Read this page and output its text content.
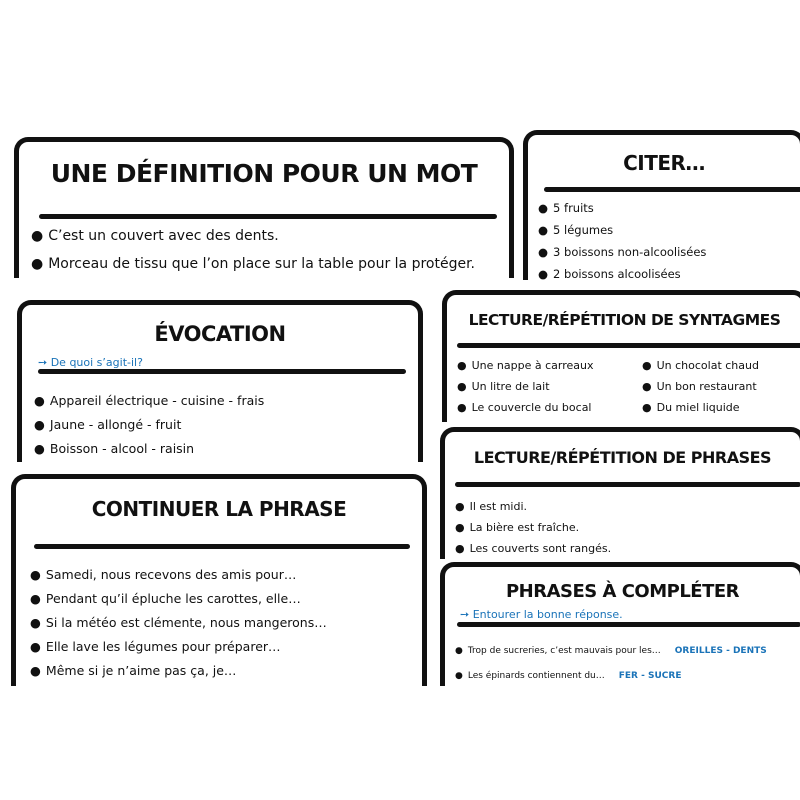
UNE DÉFINITION POUR UN MOT
● C’est un couvert avec des dents.
● Morceau de tissu que l’on place sur la table pour la protéger.
CITER…
● 5 fruits
● 5 légumes
● 3 boissons non-alcoolisées
● 2 boissons alcoolisées
ÉVOCATION
➙ De quoi s’agit-il?
● Appareil électrique - cuisine - frais
● Jaune - allongé - fruit
● Boisson - alcool - raisin
LECTURE/RÉPÉTITION DE SYNTAGMES
● Une nappe à carreaux
● Un litre de lait
● Le couvercle du bocal
● Un chocolat chaud
● Un bon restaurant
● Du miel liquide
LECTURE/RÉPÉTITION DE PHRASES
● Il est midi.
● La bière est fraîche.
● Les couverts sont rangés.
CONTINUER LA PHRASE
● Samedi, nous recevons des amis pour…
● Pendant qu’il épluche les carottes, elle…
● Si la météo est clémente, nous mangerons…
● Elle lave les légumes pour préparer…
● Même si je n’aime pas ça, je…
PHRASES À COMPLÉTER
➙ Entourer la bonne réponse.
● Trop de sucreries, c’est mauvais pour les… OREILLES - DENTS
● Les épinards contiennent du… FER - SUCRE
